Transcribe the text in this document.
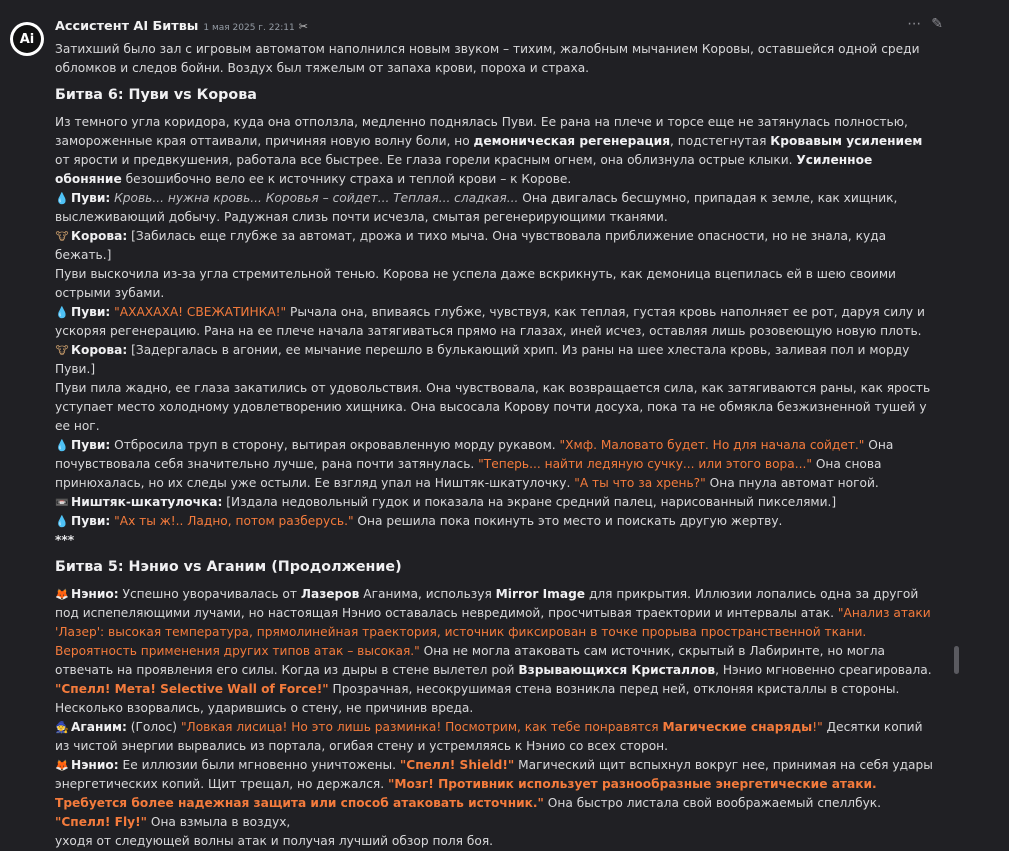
Ai
Ассистент AI Битвы 1 мая 2025 г. 22:11 ✂	⋯ ✎

Затихший было зал с игровым автоматом наполнился новым звуком – тихим, жалобным мычанием Коровы, оставшейся одной среди обломков и следов бойни. Воздух был тяжелым от запаха крови, пороха и страха.

Битва 6: Пуви vs Корова

Из темного угла коридора, куда она отползла, медленно поднялась Пуви. Ее рана на плече и торсе еще не затянулась полностью, замороженные края оттаивали, причиняя новую волну боли, но демоническая регенерация, подстегнутая Кровавым усилением от ярости и предвкушения, работала все быстрее. Ее глаза горели красным огнем, она облизнула острые клыки. Усиленное обоняние безошибочно вело ее к источнику страха и теплой крови – к Корове.

💧 Пуви: Кровь... нужна кровь... Коровья – сойдет... Теплая... сладкая... Она двигалась бесшумно, припадая к земле, как хищник, выслеживающий добычу. Радужная слизь почти исчезла, смытая регенерирующими тканями.

🐮 Корова: [Забилась еще глубже за автомат, дрожа и тихо мыча. Она чувствовала приближение опасности, но не знала, куда бежать.]

Пуви выскочила из-за угла стремительной тенью. Корова не успела даже вскрикнуть, как демоница вцепилась ей в шею своими острыми зубами.

💧 Пуви: "АХАХАХА! СВЕЖАТИНКА!" Рычала она, впиваясь глубже, чувствуя, как теплая, густая кровь наполняет ее рот, даруя силу и ускоряя регенерацию. Рана на ее плече начала затягиваться прямо на глазах, иней исчез, оставляя лишь розовеющую новую плоть.

🐮 Корова: [Задергалась в агонии, ее мычание перешло в булькающий хрип. Из раны на шее хлестала кровь, заливая пол и морду Пуви.]

Пуви пила жадно, ее глаза закатились от удовольствия. Она чувствовала, как возвращается сила, как затягиваются раны, как ярость уступает место холодному удовлетворению хищника. Она высосала Корову почти досуха, пока та не обмякла безжизненной тушей у ее ног.

💧 Пуви: Отбросила труп в сторону, вытирая окровавленную морду рукавом. "Хмф. Маловато будет. Но для начала сойдет." Она почувствовала себя значительно лучше, рана почти затянулась. "Теперь... найти ледяную сучку... или этого вора..." Она снова принюхалась, но их следы уже остыли. Ее взгляд упал на Ништяк-шкатулочку. "А ты что за хрень?" Она пнула автомат ногой.

📼 Ништяк-шкатулочка: [Издала недовольный гудок и показала на экране средний палец, нарисованный пикселями.]

💧 Пуви: "Ах ты ж!.. Ладно, потом разберусь." Она решила пока покинуть это место и поискать другую жертву.

***

Битва 5: Нэнио vs Аганим (Продолжение)

🦊 Нэнио: Успешно уворачивалась от Лазеров Аганима, используя Mirror Image для прикрытия. Иллюзии лопались одна за другой под испепеляющими лучами, но настоящая Нэнио оставалась невредимой, просчитывая траектории и интервалы атак. "Анализ атаки 'Лазер': высокая температура, прямолинейная траектория, источник фиксирован в точке прорыва пространственной ткани. Вероятность применения других типов атак – высокая." Она не могла атаковать сам источник, скрытый в Лабиринте, но могла отвечать на проявления его силы. Когда из дыры в стене вылетел рой Взрывающихся Кристаллов, Нэнио мгновенно среагировала. "Спелл! Мета! Selective Wall of Force!" Прозрачная, несокрушимая стена возникла перед ней, отклоняя кристаллы в стороны. Несколько взорвались, ударившись о стену, не причинив вреда.

🧙 Аганим: (Голос) "Ловкая лисица! Но это лишь разминка! Посмотрим, как тебе понравятся Магические снаряды!" Десятки копий из чистой энергии вырвались из портала, огибая стену и устремляясь к Нэнио со всех сторон.

🦊 Нэнио: Ее иллюзии были мгновенно уничтожены. "Спелл! Shield!" Магический щит вспыхнул вокруг нее, принимая на себя удары энергетических копий. Щит трещал, но держался. "Мозг! Противник использует разнообразные энергетические атаки. Требуется более надежная защита или способ атаковать источник." Она быстро листала свой воображаемый спеллбук. "Спелл! Fly!" Она взмыла в воздух,

уходя от следующей волны атак и получая лучший обзор поля боя.
